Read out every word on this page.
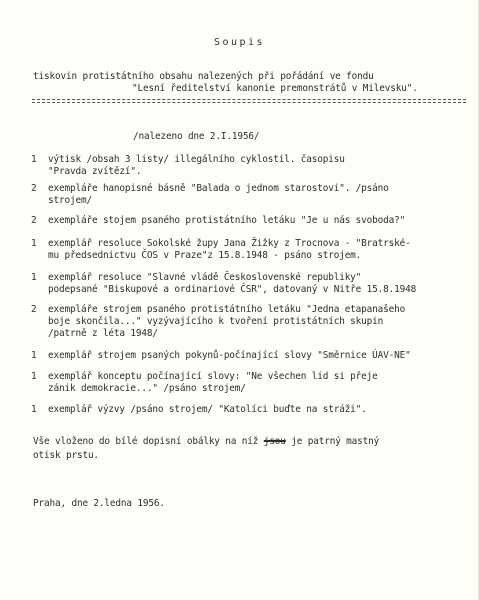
Soupis
tiskovin protistátního obsahu nalezených při pořádání ve fondu
"Lesní ředitelství kanonie premonstrátů v Milevsku".
/nalezeno dne 2.I.1956/
1 výtisk /obsah 3 listy/ illegálního cyklostil. časopisu
"Pravda zvítězí".
2 exempláře hanopisné básně "Balada o jednom starostovi". /psáno
strojem/
2 exempláře stojem psaného protistátního letáku "Je u nás svoboda?"
1 exemplář resoluce Sokolské župy Jana Žižky z Trocnova - "Bratrské-
mu předsednictvu ČOS v Praze"z 15.8.1948 - psáno strojem.
1 exemplář resoluce "Slavné vládě Československé republiky"
podepsané "Biskupové a ordinariové ČSR", datovaný v Nitře 15.8.1948
2 exempláře strojem psaného protistátního letáku "Jedna etapanašeho
boje skončila..." vyzývajícího k tvoření protistátních skupin
/patrně z léta 1948/
1 exemplář strojem psaných pokynů-počínající slovy "Směrnice ÚAV-NE"
1 exemplář konceptu počínající slovy: "Ne všechen lid si přeje
zánik demokracie..." /psáno strojem/
1 exemplář výzvy /psáno strojem/ "Katolíci buďte na stráži".
Vše vloženo do bílé dopisní obálky na níž jsou je patrný mastný
otisk prstu.
Praha, dne 2.ledna 1956.
